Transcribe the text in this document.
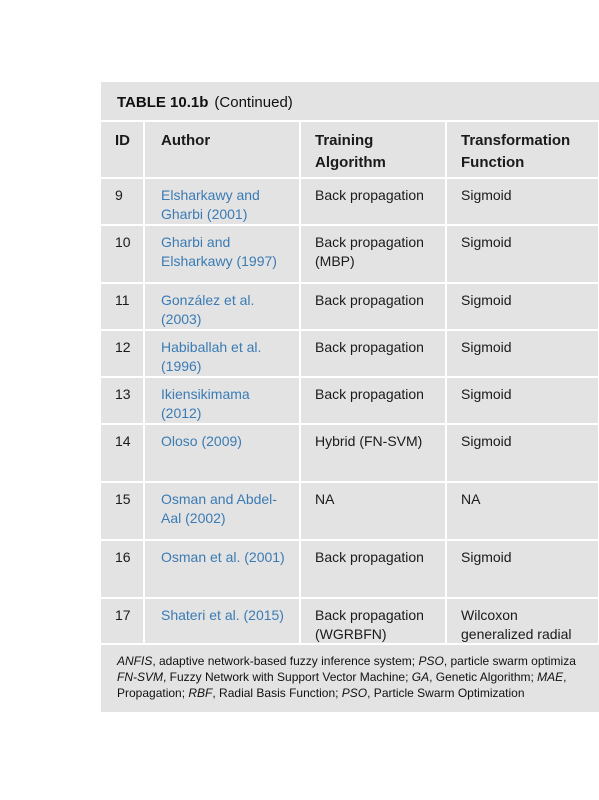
TABLE 10.1b (Continued)
ID	Author	Training Algorithm	Transformation Function
9	Elsharkawy and Gharbi (2001)	Back propagation	Sigmoid
10	Gharbi and Elsharkawy (1997)	Back propagation (MBP)	Sigmoid
11	González et al. (2003)	Back propagation	Sigmoid
12	Habiballah et al. (1996)	Back propagation	Sigmoid
13	Ikiensikimama (2012)	Back propagation	Sigmoid
14	Oloso (2009)	Hybrid (FN-SVM)	Sigmoid
15	Osman and Abdel-Aal (2002)	NA	NA
16	Osman et al. (2001)	Back propagation	Sigmoid
17	Shateri et al. (2015)	Back propagation (WGRBFN)	Wilcoxon generalized radial
ANFIS, adaptive network-based fuzzy inference system; PSO, particle swarm optimiza
FN-SVM, Fuzzy Network with Support Vector Machine; GA, Genetic Algorithm; MAE,
Propagation; RBF, Radial Basis Function; PSO, Particle Swarm Optimization
